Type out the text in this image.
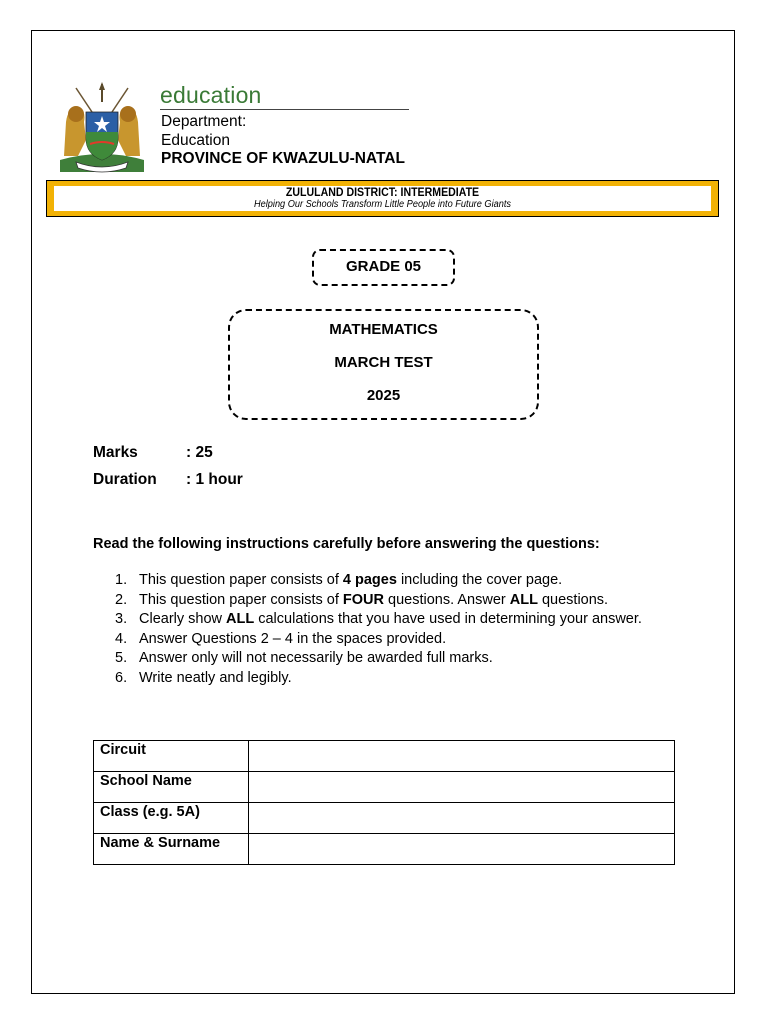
education
Department:
Education
PROVINCE OF KWAZULU-NATAL
ZULULAND DISTRICT: INTERMEDIATE
Helping Our Schools Transform Little People into Future Giants
GRADE 05
MATHEMATICS
MARCH TEST
2025
Marks	: 25
Duration : 1 hour
Read the following instructions carefully before answering the questions:
1. This question paper consists of 4 pages including the cover page.
2. This question paper consists of FOUR questions. Answer ALL questions.
3. Clearly show ALL calculations that you have used in determining your answer.
4. Answer Questions 2 – 4 in the spaces provided.
5. Answer only will not necessarily be awarded full marks.
6. Write neatly and legibly.
Circuit	
School Name	
Class (e.g. 5A)	
Name & Surname	
